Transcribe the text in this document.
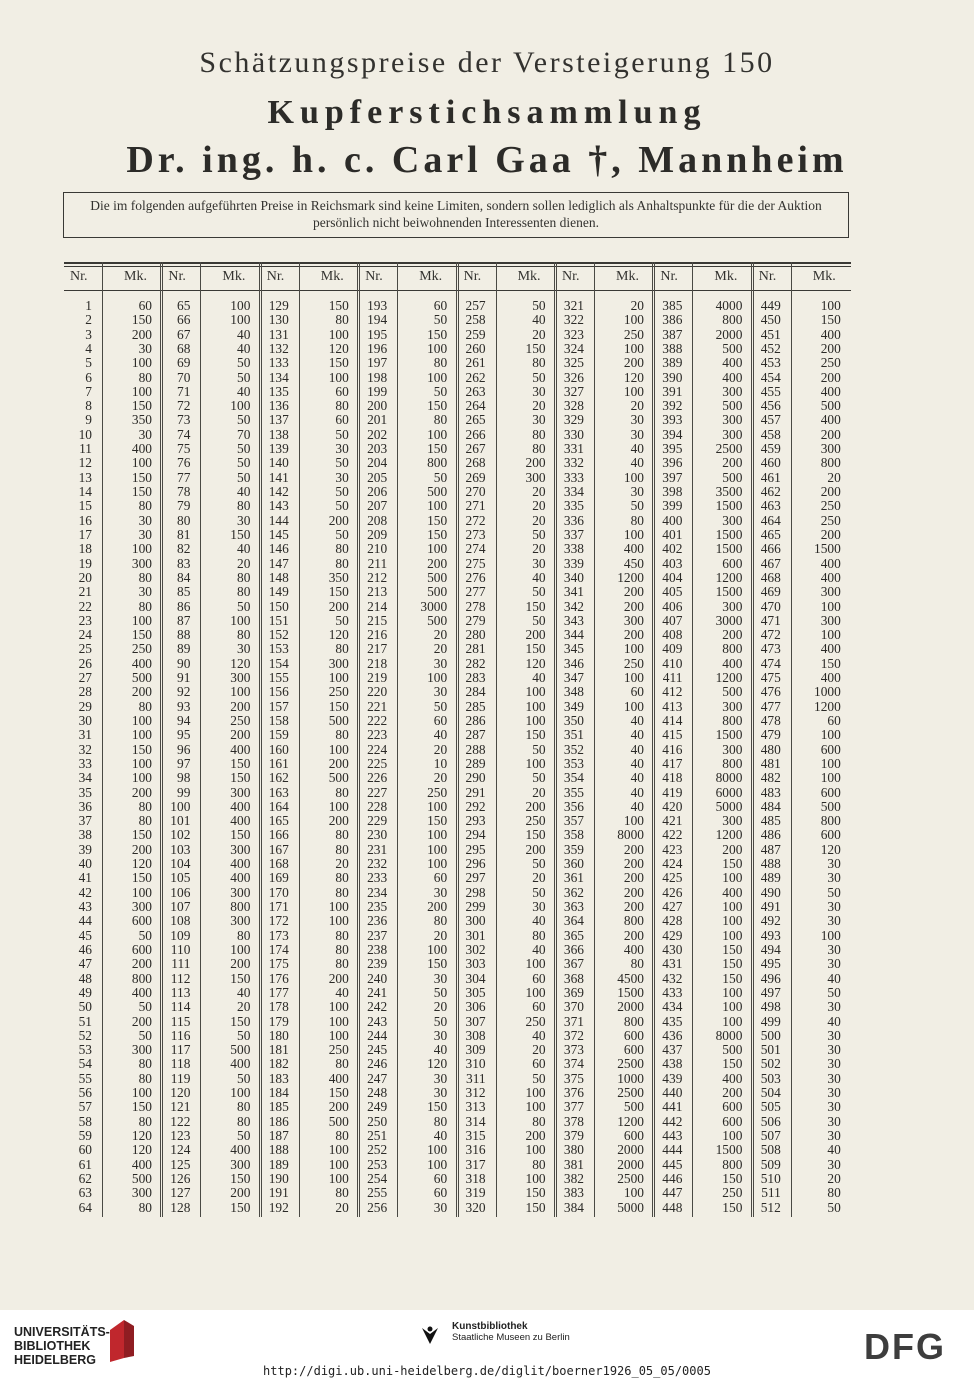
Schätzungspreise der Versteigerung 150
Kupferstichsammlung
Dr. ing. h. c. Carl Gaa †, Mannheim
Die im folgenden aufgeführten Preise in Reichsmark sind keine Limiten, sondern sollen lediglich als Anhaltspunkte für die der Auktion persönlich nicht beiwohnenden Interessenten dienen.
Nr.	Mk.
1	60
2	150
3	200
4	30
5	100
6	80
7	100
8	150
9	350
10	30
11	400
12	100
13	150
14	150
15	80
16	30
17	30
18	100
19	300
20	80
21	30
22	80
23	100
24	150
25	250
26	400
27	500
28	200
29	80
30	100
31	100
32	150
33	100
34	100
35	200
36	80
37	80
38	150
39	200
40	120
41	150
42	100
43	300
44	600
45	50
46	600
47	200
48	800
49	400
50	50
51	200
52	50
53	300
54	80
55	80
56	100
57	150
58	80
59	120
60	120
61	400
62	500
63	300
64	80
Nr.	Mk.
65	100
66	100
67	40
68	40
69	50
70	50
71	40
72	100
73	50
74	70
75	50
76	50
77	50
78	40
79	80
80	30
81	150
82	40
83	20
84	80
85	80
86	50
87	100
88	80
89	30
90	120
91	300
92	100
93	200
94	250
95	200
96	400
97	150
98	150
99	300
100	400
101	400
102	150
103	300
104	400
105	400
106	300
107	800
108	300
109	80
110	100
111	200
112	150
113	40
114	20
115	150
116	50
117	500
118	400
119	50
120	100
121	80
122	80
123	50
124	400
125	300
126	150
127	200
128	150
Nr.	Mk.
129	150
130	80
131	100
132	120
133	150
134	100
135	60
136	80
137	60
138	50
139	30
140	50
141	30
142	50
143	50
144	200
145	50
146	80
147	80
148	350
149	150
150	200
151	50
152	120
153	80
154	300
155	100
156	250
157	150
158	500
159	80
160	100
161	200
162	500
163	80
164	100
165	200
166	80
167	80
168	20
169	80
170	80
171	100
172	100
173	80
174	80
175	80
176	200
177	40
178	100
179	100
180	100
181	250
182	80
183	400
184	150
185	200
186	500
187	80
188	100
189	100
190	100
191	80
192	20
Nr.	Mk.
193	60
194	50
195	150
196	100
197	80
198	100
199	50
200	150
201	80
202	100
203	150
204	800
205	50
206	500
207	100
208	150
209	150
210	100
211	200
212	500
213	500
214	3000
215	500
216	20
217	20
218	30
219	100
220	30
221	50
222	60
223	40
224	20
225	10
226	20
227	250
228	100
229	150
230	100
231	100
232	100
233	60
234	30
235	200
236	80
237	20
238	100
239	150
240	30
241	50
242	20
243	50
244	30
245	40
246	120
247	30
248	30
249	150
250	80
251	40
252	100
253	100
254	60
255	60
256	30
Nr.	Mk.
257	50
258	40
259	20
260	150
261	80
262	50
263	30
264	20
265	30
266	80
267	80
268	200
269	300
270	20
271	20
272	20
273	50
274	20
275	30
276	40
277	50
278	150
279	50
280	200
281	150
282	120
283	40
284	100
285	100
286	100
287	150
288	50
289	100
290	50
291	20
292	200
293	250
294	150
295	200
296	50
297	20
298	50
299	30
300	40
301	80
302	40
303	100
304	60
305	100
306	60
307	250
308	40
309	20
310	60
311	50
312	100
313	100
314	80
315	200
316	100
317	80
318	100
319	150
320	150
Nr.	Mk.
321	20
322	100
323	250
324	100
325	200
326	120
327	100
328	20
329	30
330	30
331	40
332	40
333	100
334	30
335	50
336	80
337	100
338	400
339	450
340	1200
341	200
342	200
343	300
344	200
345	100
346	250
347	100
348	60
349	100
350	40
351	40
352	40
353	40
354	40
355	40
356	40
357	100
358	8000
359	200
360	200
361	200
362	200
363	200
364	800
365	200
366	400
367	80
368	4500
369	1500
370	2000
371	800
372	600
373	600
374	2500
375	1000
376	2500
377	500
378	1200
379	600
380	2000
381	2000
382	2500
383	100
384	5000
Nr.	Mk.
385	4000
386	800
387	2000
388	500
389	400
390	400
391	300
392	500
393	300
394	300
395	2500
396	200
397	500
398	3500
399	1500
400	300
401	1500
402	1500
403	600
404	1200
405	1500
406	300
407	3000
408	200
409	800
410	400
411	1200
412	500
413	300
414	800
415	1500
416	300
417	800
418	8000
419	6000
420	5000
421	300
422	1200
423	200
424	150
425	100
426	400
427	100
428	100
429	100
430	150
431	150
432	150
433	100
434	100
435	100
436	8000
437	500
438	150
439	400
440	200
441	600
442	600
443	100
444	1500
445	800
446	150
447	250
448	150
Nr.	Mk.
449	100
450	150
451	400
452	200
453	250
454	200
455	400
456	500
457	400
458	200
459	300
460	800
461	20
462	200
463	250
464	250
465	200
466	1500
467	400
468	400
469	300
470	100
471	300
472	100
473	400
474	150
475	400
476	1000
477	1200
478	60
479	100
480	600
481	100
482	100
483	600
484	500
485	800
486	600
487	120
488	30
489	30
490	50
491	30
492	30
493	100
494	30
495	30
496	40
497	50
498	30
499	40
500	30
501	30
502	30
503	30
504	30
505	30
506	30
507	30
508	40
509	30
510	20
511	80
512	50
UNIVERSITÄTS-
BIBLIOTHEK
HEIDELBERG
Kunstbibliothek
Staatliche Museen zu Berlin
http://digi.ub.uni-heidelberg.de/diglit/boerner1926_05_05/0005
DFG
